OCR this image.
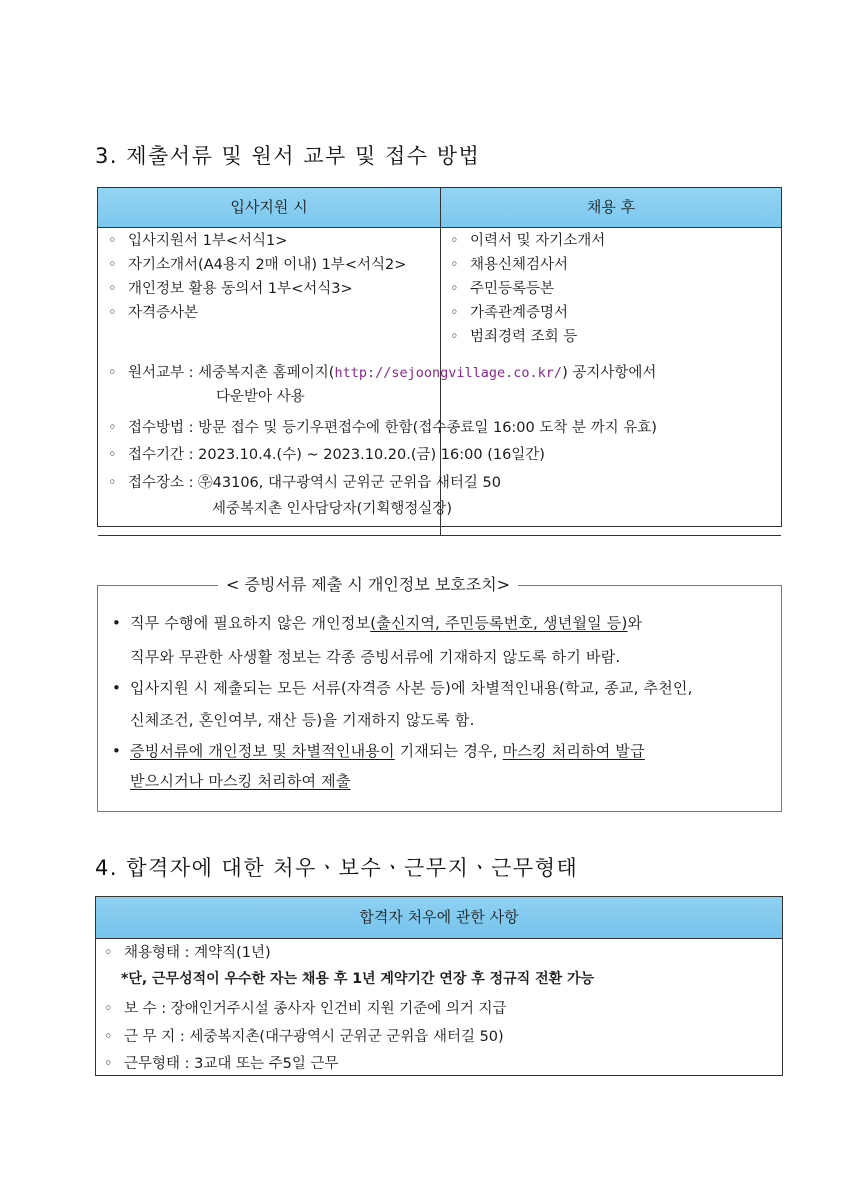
3. 제출서류 및 원서 교부 및 접수 방법
입사지원 시	채용 후
◦ 입사지원서 1부<서식1>
◦ 자기소개서(A4용지 2매 이내) 1부<서식2>
◦ 개인정보 활용 동의서 1부<서식3>
◦ 자격증사본
◦ 이력서 및 자기소개서
◦ 채용신체검사서
◦ 주민등록등본
◦ 가족관계증명서
◦ 범죄경력 조회 등
◦ 원서교부 : 세중복지촌 홈페이지(http://sejoongvillage.co.kr/) 공지사항에서
다운받아 사용
◦ 접수방법 : 방문 접수 및 등기우편접수에 한함(접수종료일 16:00 도착 분 까지 유효)
◦ 접수기간 : 2023.10.4.(수) ~ 2023.10.20.(금) 16:00 (16일간)
◦ 접수장소 : ㉾43106, 대구광역시 군위군 군위읍 새터길 50
세중복지촌 인사담당자(기획행정실장)
< 증빙서류 제출 시 개인정보 보호조치>
• 직무 수행에 필요하지 않은 개인정보(출신지역, 주민등록번호, 생년월일 등)와
직무와 무관한 사생활 정보는 각종 증빙서류에 기재하지 않도록 하기 바람.
• 입사지원 시 제출되는 모든 서류(자격증 사본 등)에 차별적인내용(학교, 종교, 추천인,
신체조건, 혼인여부, 재산 등)을 기재하지 않도록 함.
• 증빙서류에 개인정보 및 차별적인내용이 기재되는 경우, 마스킹 처리하여 발급
받으시거나 마스킹 처리하여 제출
4. 합격자에 대한 처우ㆍ보수ㆍ근무지ㆍ근무형태
합격자 처우에 관한 사항
◦ 채용형태 : 계약직(1년)
*단, 근무성적이 우수한 자는 채용 후 1년 계약기간 연장 후 정규직 전환 가능
◦ 보 수 : 장애인거주시설 종사자 인건비 지원 기준에 의거 지급
◦ 근 무 지 : 세중복지촌(대구광역시 군위군 군위읍 새터길 50)
◦ 근무형태 : 3교대 또는 주5일 근무
